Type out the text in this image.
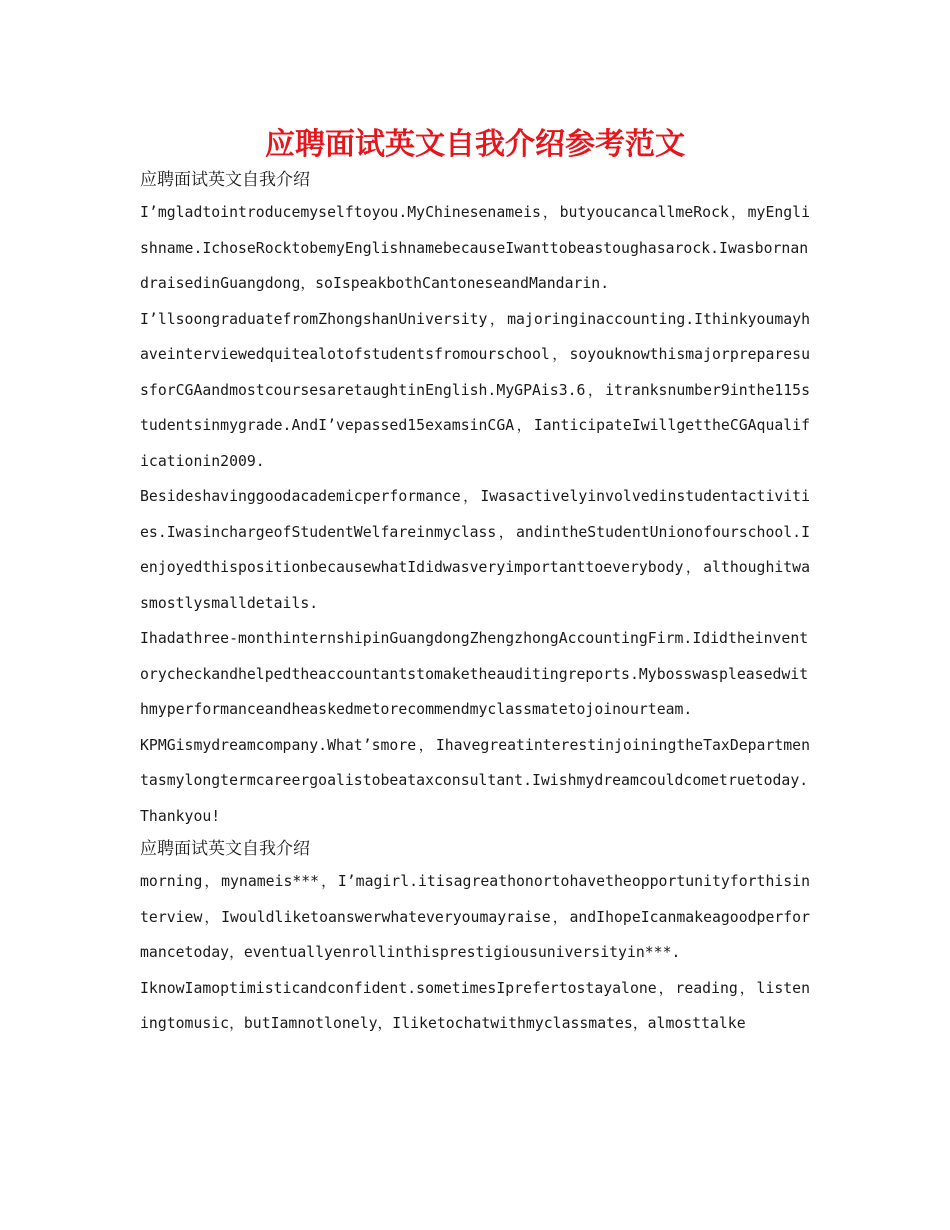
应聘面试英文自我介绍参考范文
应聘面试英文自我介绍

I’mgladtointroducemyselftoyou.MyChinesenameis，butyoucancallmeRock，myEnglishname.IchoseRocktobemyEnglishnamebecauseIwanttobeastoughasarock.IwasbornandraisedinGuangdong，soIspeakbothCantoneseandMandarin.

I’llsoongraduatefromZhongshanUniversity，majoringinaccounting.Ithinkyoumayhaveinterviewedquitealotofstudentsfromourschool，soyouknowthismajorpreparesusforCGAandmostcoursesaretaughtinEnglish.MyGPAis3.6，itranksnumber9inthe115studentsinmygrade.AndI’vepassed15examsinCGA，IanticipateIwillgettheCGAqualificationin2009.

Besideshavinggoodacademicperformance，Iwasactivelyinvolvedinstudentactivities.IwasinchargeofStudentWelfareinmyclass，andintheStudentUnionofourschool.IenjoyedthispositionbecausewhatIdidwasveryimportanttoeverybody，althoughitwasmostlysmalldetails.

Ihadathree-monthinternshipinGuangdongZhengzhongAccountingFirm.Ididtheinventorycheckandhelpedtheaccountantstomaketheauditingreports.Mybosswaspleasedwithmyperformanceandheaskedmetorecommendmyclassmatetojoinourteam.

KPMGismydreamcompany.What’smore，IhavegreatinterestinjoiningtheTaxDepartmentasmylongtermcareergoalistobeataxconsultant.Iwishmydreamcouldcometruetoday.Thankyou!

应聘面试英文自我介绍

morning，mynameis***，I’magirl.itisagreathonortohavetheopportunityforthisinterview，Iwouldliketoanswerwhateveryoumayraise，andIhopeIcanmakeagoodperformancetoday，eventuallyenrollinthisprestigiousuniversityin***.

IknowIamoptimisticandconfident.sometimesIprefertostayalone，reading，listeningtomusic，butIamnotlonely，Iliketochatwithmyclassmates，almosttalke
